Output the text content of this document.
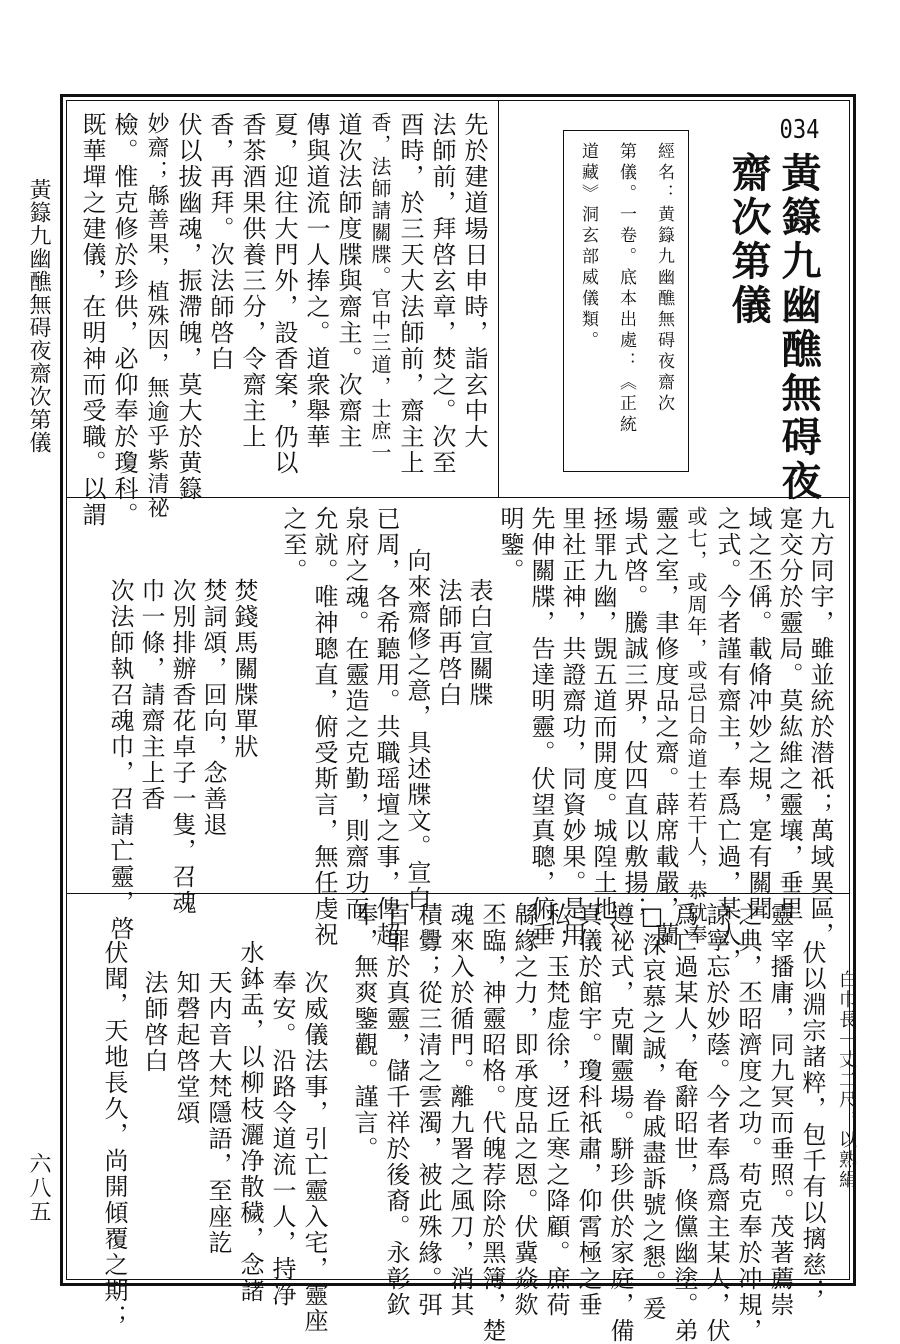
黃籙九幽醮無碍夜齋次第儀
六八五
034
黃籙九幽醮無碍夜
齋次第儀
經名：黄籙九幽醮無碍夜齋次
第儀。一卷。底本出處：《正統
道藏》洞玄部威儀類。
先於建道場日申時，詣玄中大
法師前，拜啓玄章，焚之。次至
酉時，於三天大法師前，齋主上
香，法師請關牒。官中三道，士庶一
道次法師度牒與齋主。次齋主
傳與道流一人捧之。道衆舉華
夏，迎往大門外，設香案，仍以
香茶酒果供養三分，令齋主上
香，再拜。次法師啓白
伏以拔幽魂，振滯魄，莫大於黄籙
妙齋；緜善果，植殊因，無逾乎紫清祕
檢。惟克修於珍供，必仰奉於瓊科。
既華墠之建儀，在明神而受職。以謂
九方同宇，雖並統於潜祇；萬域異區，
寔交分於靈局。莫紘維之靈壤，垂里
域之丕偁。載脩冲妙之規，寔有關聞
之式。今者謹有齋主，奉爲亡過，某人，
或七，或周年，或忌日命道士若干人，恭就奉
靈之室，聿修度品之齋。薜席載嚴，蘭
場式啓。騰誠三界，仗四直以敷揚；
拯罪九幽，覬五道而開度。城隍土地、
里社正神，共證齋功，同資妙果。是用
先伸關牒，告達明靈。伏望真聰，俯垂
明鑒。
表白宣關牒
法師再啓白
向來齋修之意，具述牒文。宣白
已周，各希聽用。共職瑶壇之事，俾超
泉府之魂。在靈造之克勤，則齋功而
允就。唯神聰直，俯受斯言，無任虔祝
之至。
焚錢馬關牒單狀
焚詞頌，回向，念善退
次別排辦香花卓子一隻，召魂
巾一條，請齋主上香
次法師執召魂巾，召請亡靈，啓
白巾長一丈二尺，以熟絹
伏以淵宗諸粹，包千有以摛慈；
靈宰播庸，同九冥而垂照。茂著薦崇
之典，丕昭濟度之功。苟克奉於冲規，
諒寧忘於妙蔭。今者奉爲齋主某人，伏
爲亡過某人，奄辭昭世，倏儻幽塗。弟
□深哀慕之誠，眷戚盡訴號之懇。爰
遵祕式，克闡靈場。駢珍供於家庭，備
真儀於館宇。瓊科祇肅，仰霄極之垂
私；玉梵虚徐，迓丘寒之降顧。庶荷
緜緣之力，即承度品之恩。伏冀焱欻
丕臨，神靈昭格。代魄荐除於黑簿，楚
魂來入於循門。離九署之風刀，消其
積釁；從三清之雲濁，被此殊緣。弭
百罪於真靈，儲千祥於後裔。永彰欽
奉，無爽鑒觀。謹言。
次威儀法事，引亡靈入宅，靈座
奉安。沿路令道流一人，持净
水鉢盂，以柳枝灑净散穢，念諸
天内音大梵隱語，至座訖
知磬起啓堂頌
法師啓白
伏聞，天地長久，尚開傾覆之期；
